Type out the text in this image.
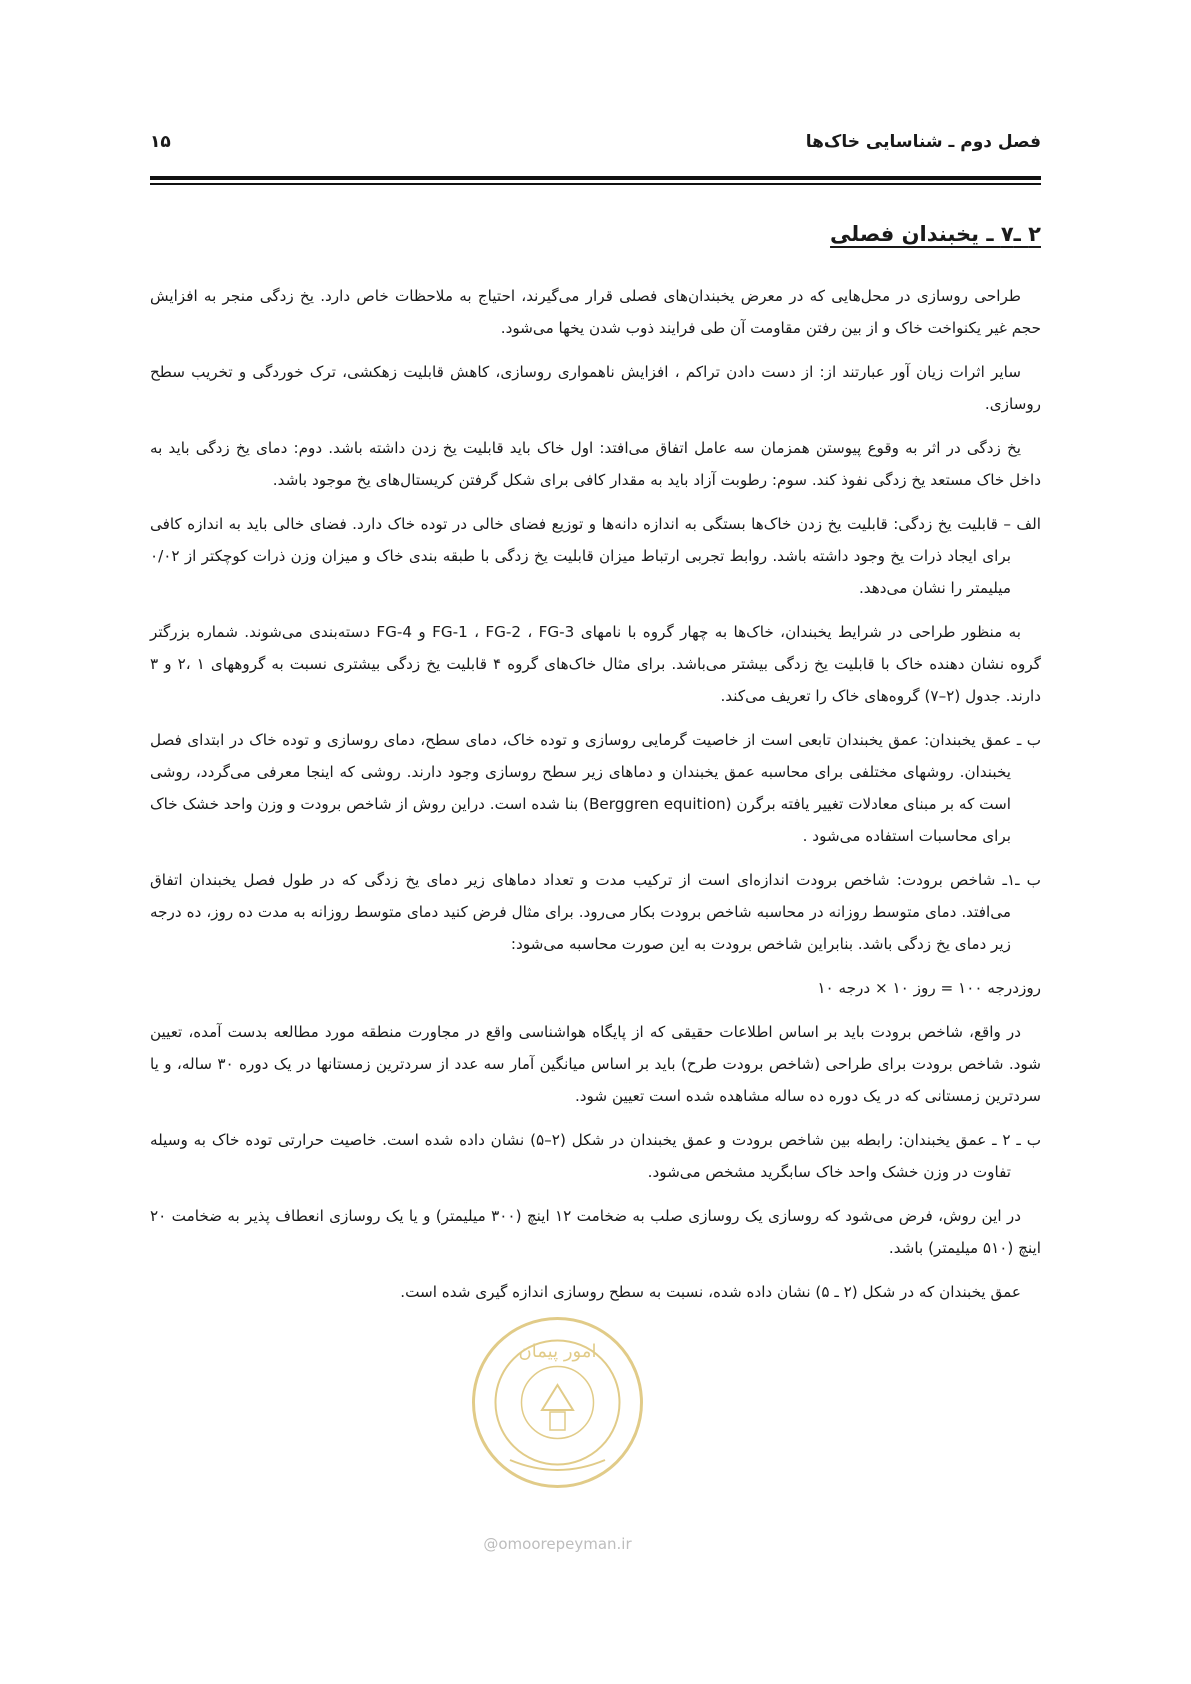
فصل دوم ـ شناسایی خاک‌ها
۱۵
۲ ـ۷ ـ یخبندان فصلی

طراحی روسازی در محل‌هایی که در معرض یخبندان‌های فصلی قرار می‌گیرند، احتیاج به ملاحظات خاص دارد. یخ زدگی منجر به افزایش حجم غیر یکنواخت خاک و از بین رفتن مقاومت آن طی فرایند ذوب شدن یخها می‌شود.

سایر اثرات زیان آور عبارتند از: از دست دادن تراکم ، افزایش ناهمواری روسازی، کاهش قابلیت زهکشی، ترک خوردگی و تخریب سطح روسازی.

یخ زدگی در اثر به وقوع پیوستن همزمان سه عامل اتفاق می‌افتد: اول خاک باید قابلیت یخ زدن داشته باشد. دوم: دمای یخ زدگی باید به داخل خاک مستعد یخ زدگی نفوذ کند. سوم: رطوبت آزاد باید به مقدار کافی برای شکل گرفتن کریستال‌های یخ موجود باشد.

الف – قابلیت یخ زدگی: قابلیت یخ زدن خاک‌ها بستگی به اندازه دانه‌ها و توزیع فضای خالی در توده خاک دارد. فضای خالی باید به اندازه کافی برای ایجاد ذرات یخ وجود داشته باشد. روابط تجربی ارتباط میزان قابلیت یخ زدگی با طبقه بندی خاک و میزان وزن ذرات کوچکتر از ۰/۰۲ میلیمتر را نشان می‌دهد.

به منظور طراحی در شرایط یخبندان، خاک‌ها به چهار گروه با نامهای FG-1 ، FG-2 ، FG-3 و FG-4 دسته‌بندی می‌شوند. شماره بزرگتر گروه نشان دهنده خاک با قابلیت یخ زدگی بیشتر می‌باشد. برای مثال خاک‌های گروه ۴ قابلیت یخ زدگی بیشتری نسبت به گروههای ۱ ،۲ و ۳ دارند. جدول (۲–۷) گروه‌های خاک را تعریف می‌کند.

ب ـ عمق یخبندان: عمق یخبندان تابعی است از خاصیت گرمایی روسازی و توده خاک، دمای سطح، دمای روسازی و توده خاک در ابتدای فصل یخبندان. روشهای مختلفی برای محاسبه عمق یخبندان و دماهای زیر سطح روسازی وجود دارند. روشی که اینجا معرفی می‌گردد، روشی است که بر مبنای معادلات تغییر یافته برگرن (Berggren equition) بنا شده است. دراین روش از شاخص برودت و وزن واحد خشک خاک برای محاسبات استفاده می‌شود .

ب ـ۱ـ شاخص برودت: شاخص برودت اندازه‌ای است از ترکیب مدت و تعداد دماهای زیر دمای یخ زدگی که در طول فصل یخبندان اتفاق می‌افتد. دمای متوسط روزانه در محاسبه شاخص برودت بکار می‌رود. برای مثال فرض کنید دمای متوسط روزانه به مدت ده روز، ده درجه زیر دمای یخ زدگی باشد. بنابراین شاخص برودت به این صورت محاسبه می‌شود:

روزدرجه ۱۰۰ = روز ۱۰ × درجه ۱۰

در واقع، شاخص برودت باید بر اساس اطلاعات حقیقی که از پایگاه هواشناسی واقع در مجاورت منطقه مورد مطالعه بدست آمده، تعیین شود. شاخص برودت برای طراحی (شاخص برودت طرح) باید بر اساس میانگین آمار سه عدد از سردترین زمستانها در یک دوره ۳۰ ساله، و یا سردترین زمستانی که در یک دوره ده ساله مشاهده شده است تعیین شود.

ب ـ ۲ ـ عمق یخبندان: رابطه بین شاخص برودت و عمق یخبندان در شکل (۲–۵) نشان داده شده است. خاصیت حرارتی توده خاک به وسیله تفاوت در وزن خشک واحد خاک سابگرید مشخص می‌شود.

در این روش، فرض می‌شود که روسازی یک روسازی صلب به ضخامت ۱۲ اینچ (۳۰۰ میلیمتر) و یا یک روسازی انعطاف پذیر به ضخامت ۲۰ اینچ (۵۱۰ میلیمتر) باشد.

عمق یخبندان که در شکل (۲ ـ ۵) نشان داده شده، نسبت به سطح روسازی اندازه گیری شده است.

امور پیمان
@omoorepeyman.ir
